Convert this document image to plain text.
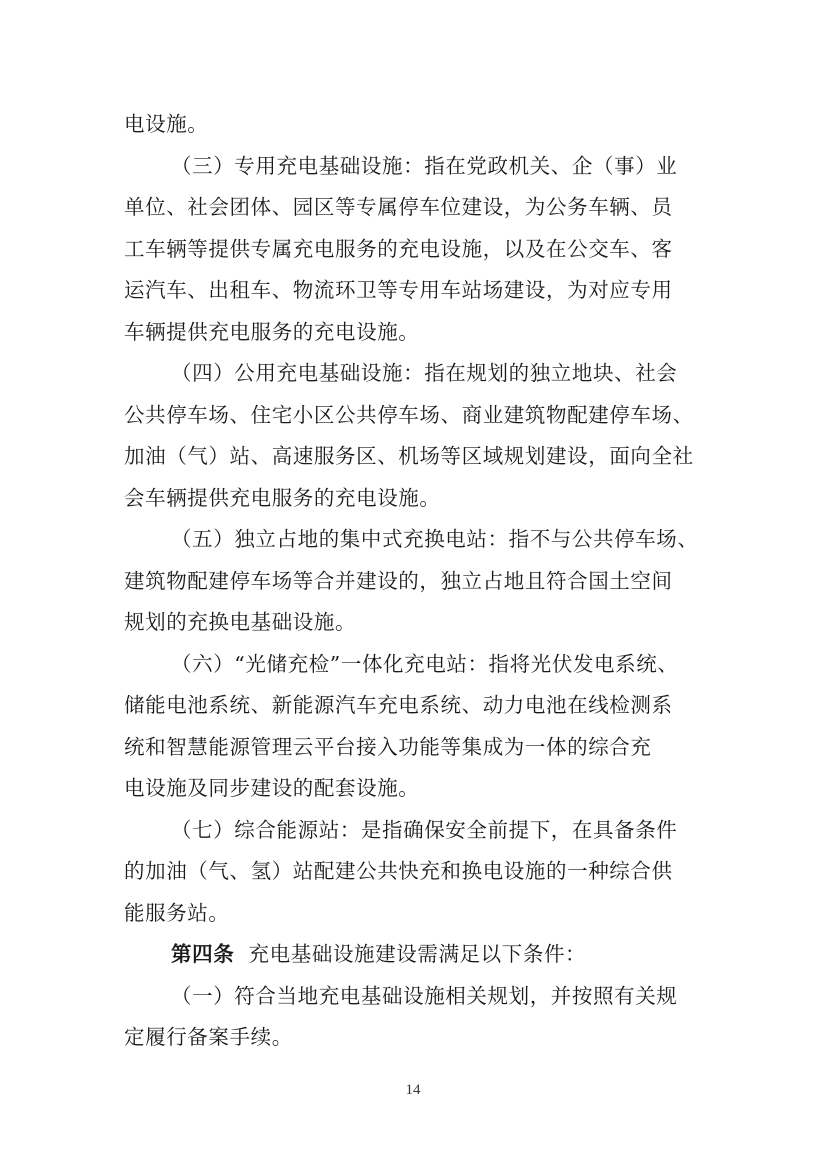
电设施。
（三）专用充电基础设施：指在党政机关、企（事）业
单位、社会团体、园区等专属停车位建设，为公务车辆、员
工车辆等提供专属充电服务的充电设施，以及在公交车、客
运汽车、出租车、物流环卫等专用车站场建设，为对应专用
车辆提供充电服务的充电设施。
（四）公用充电基础设施：指在规划的独立地块、社会
公共停车场、住宅小区公共停车场、商业建筑物配建停车场、
加油（气）站、高速服务区、机场等区域规划建设，面向全社
会车辆提供充电服务的充电设施。
（五）独立占地的集中式充换电站：指不与公共停车场、
建筑物配建停车场等合并建设的，独立占地且符合国土空间
规划的充换电基础设施。
（六）“光储充检”一体化充电站：指将光伏发电系统、
储能电池系统、新能源汽车充电系统、动力电池在线检测系
统和智慧能源管理云平台接入功能等集成为一体的综合充
电设施及同步建设的配套设施。
（七）综合能源站：是指确保安全前提下，在具备条件
的加油（气、氢）站配建公共快充和换电设施的一种综合供
能服务站。
第四条 充电基础设施建设需满足以下条件：
（一）符合当地充电基础设施相关规划，并按照有关规
定履行备案手续。
14
